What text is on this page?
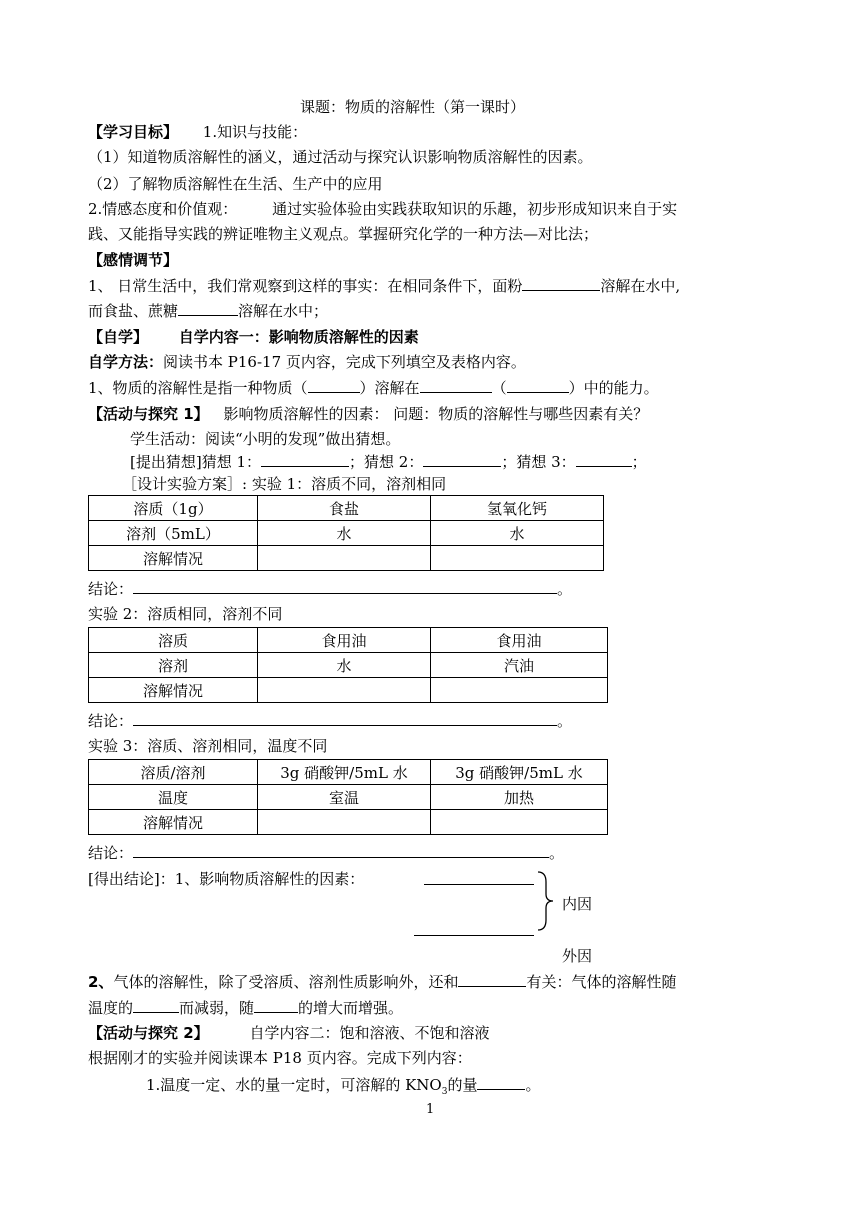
课题：物质的溶解性（第一课时）
【学习目标】 1.知识与技能：
（1）知道物质溶解性的涵义，通过活动与探究认识影响物质溶解性的因素。
（2）了解物质溶解性在生活、生产中的应用
2.情感态度和价值观： 通过实验体验由实践获取知识的乐趣，初步形成知识来自于实
践、又能指导实践的辨证唯物主义观点。掌握研究化学的一种方法—对比法；
【感情调节】
1、 日常生活中，我们常观察到这样的事实：在相同条件下，面粉	溶解在水中,
而食盐、蔗糖	溶解在水中；
【自学】 自学内容一：影响物质溶解性的因素
自学方法：阅读书本 P16-17 页内容，完成下列填空及表格内容。
1、物质的溶解性是指一种物质（	）溶解在	（	）中的能力。
【活动与探究 1】 影响物质溶解性的因素： 问题：物质的溶解性与哪些因素有关？
学生活动：阅读“小明的发现”做出猜想。
[提出猜想]猜想 1：	；猜想 2：	；猜想 3：	；
［设计实验方案］: 实验 1：溶质不同，溶剂相同
溶质（1g）	食盐	氢氧化钙
溶剂（5mL）	水	水
溶解情况		
结论：	。
实验 2：溶质相同，溶剂不同
溶质	食用油	食用油
溶剂	水	汽油
溶解情况		
结论：	。
实验 3：溶质、溶剂相同，温度不同
溶质/溶剂	3g 硝酸钾/5mL 水	3g 硝酸钾/5mL 水
温度	室温	加热
溶解情况		
结论：	。
[得出结论]：1、影响物质溶解性的因素：
内因
外因
2、气体的溶解性，除了受溶质、溶剂性质影响外，还和	有关：气体的溶解性随
温度的	而减弱，随	的增大而增强。
【活动与探究 2】	自学内容二：饱和溶液、不饱和溶液
根据刚才的实验并阅读课本 P18 页内容。完成下列内容：
1.温度一定、水的量一定时，可溶解的 $KNO_3$的量	。
1
